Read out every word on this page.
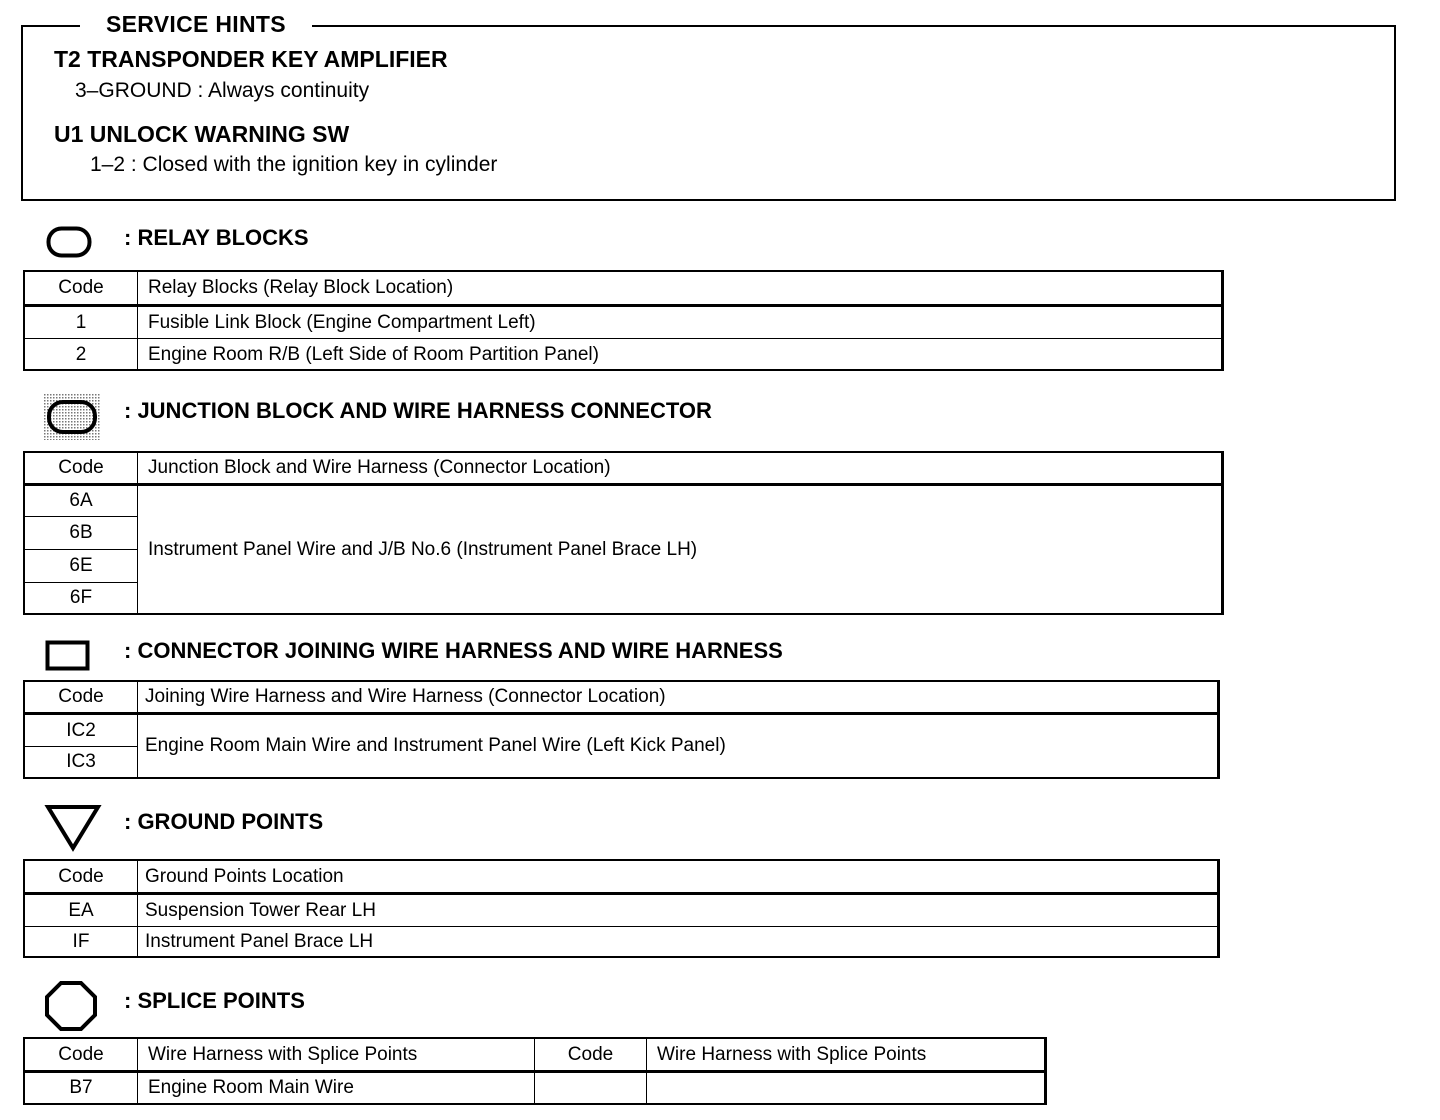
SERVICE HINTS
T2 TRANSPONDER KEY AMPLIFIER
3–GROUND : Always continuity
U1 UNLOCK WARNING SW
1–2 : Closed with the ignition key in cylinder
: RELAY BLOCKS
Code	Relay Blocks (Relay Block Location)
1	Fusible Link Block (Engine Compartment Left)
2	Engine Room R/B (Left Side of Room Partition Panel)
: JUNCTION BLOCK AND WIRE HARNESS CONNECTOR
Code	Junction Block and Wire Harness (Connector Location)
6A	Instrument Panel Wire and J/B No.6 (Instrument Panel Brace LH)
6B	
6E	
6F	
: CONNECTOR JOINING WIRE HARNESS AND WIRE HARNESS
Code	Joining Wire Harness and Wire Harness (Connector Location)
IC2	Engine Room Main Wire and Instrument Panel Wire (Left Kick Panel)
IC3	
: GROUND POINTS
Code	Ground Points Location
EA	Suspension Tower Rear LH
IF	Instrument Panel Brace LH
: SPLICE POINTS
Code	Wire Harness with Splice Points	Code	Wire Harness with Splice Points
B7	Engine Room Main Wire		
